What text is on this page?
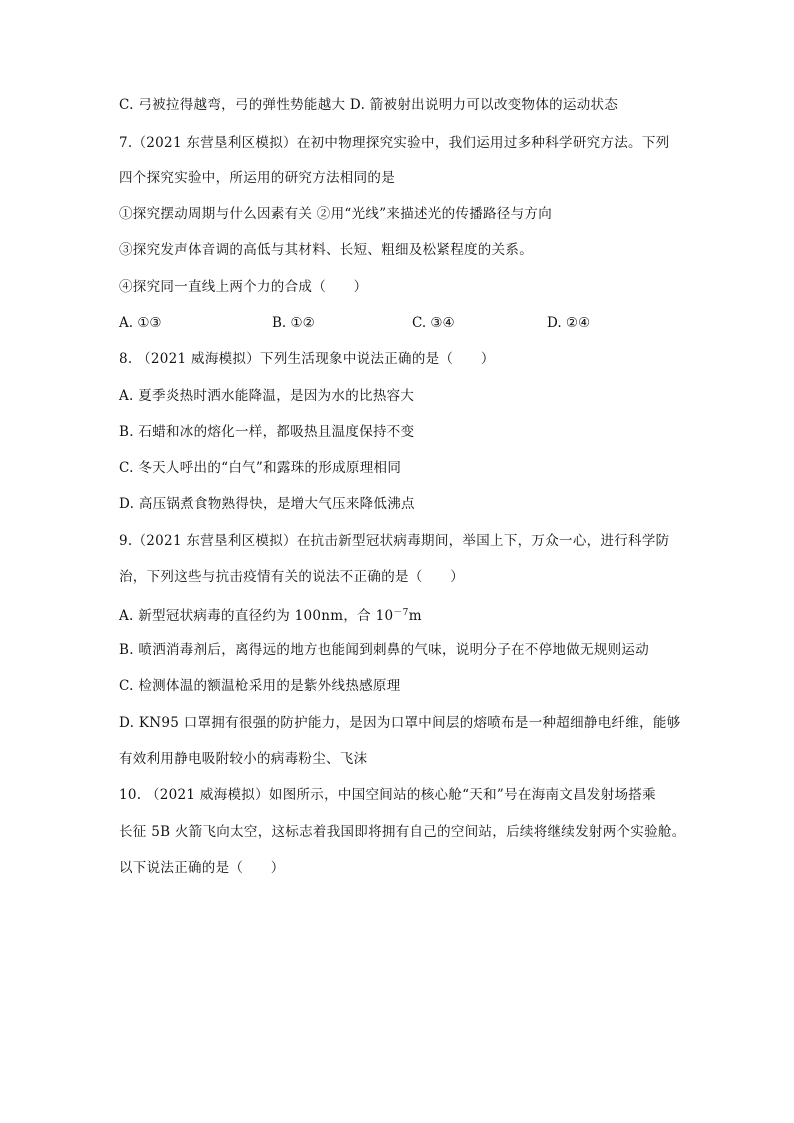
C. 弓被拉得越弯，弓的弹性势能越大 D. 箭被射出说明力可以改变物体的运动状态
7.（2021 东营垦利区模拟）在初中物理探究实验中，我们运用过多种科学研究方法。下列
四个探究实验中，所运用的研究方法相同的是
①探究摆动周期与什么因素有关 ②用“光线”来描述光的传播路径与方向
③探究发声体音调的高低与其材料、长短、粗细及松紧程度的关系。
④探究同一直线上两个力的合成（　　）
A. ①③	B. ①②	C. ③④	D. ②④
8. （2021 威海模拟）下列生活现象中说法正确的是（　　）
A. 夏季炎热时洒水能降温，是因为水的比热容大
B. 石蜡和冰的熔化一样，都吸热且温度保持不变
C. 冬天人呼出的“白气”和露珠的形成原理相同
D. 高压锅煮食物熟得快，是增大气压来降低沸点
9.（2021 东营垦利区模拟）在抗击新型冠状病毒期间，举国上下，万众一心，进行科学防
治，下列这些与抗击疫情有关的说法不正确的是（　　）
A. 新型冠状病毒的直径约为 100nm，合 $10^{-7}m$
B. 喷洒消毒剂后，离得远的地方也能闻到刺鼻的气味，说明分子在不停地做无规则运动
C. 检测体温的额温枪采用的是紫外线热感原理
D. KN95 口罩拥有很强的防护能力，是因为口罩中间层的熔喷布是一种超细静电纤维，能够
有效利用静电吸附较小的病毒粉尘、飞沫
10. （2021 威海模拟）如图所示，中国空间站的核心舱“天和”号在海南文昌发射场搭乘
长征 5B 火箭飞向太空，这标志着我国即将拥有自己的空间站，后续将继续发射两个实验舱。
以下说法正确的是（　　）
